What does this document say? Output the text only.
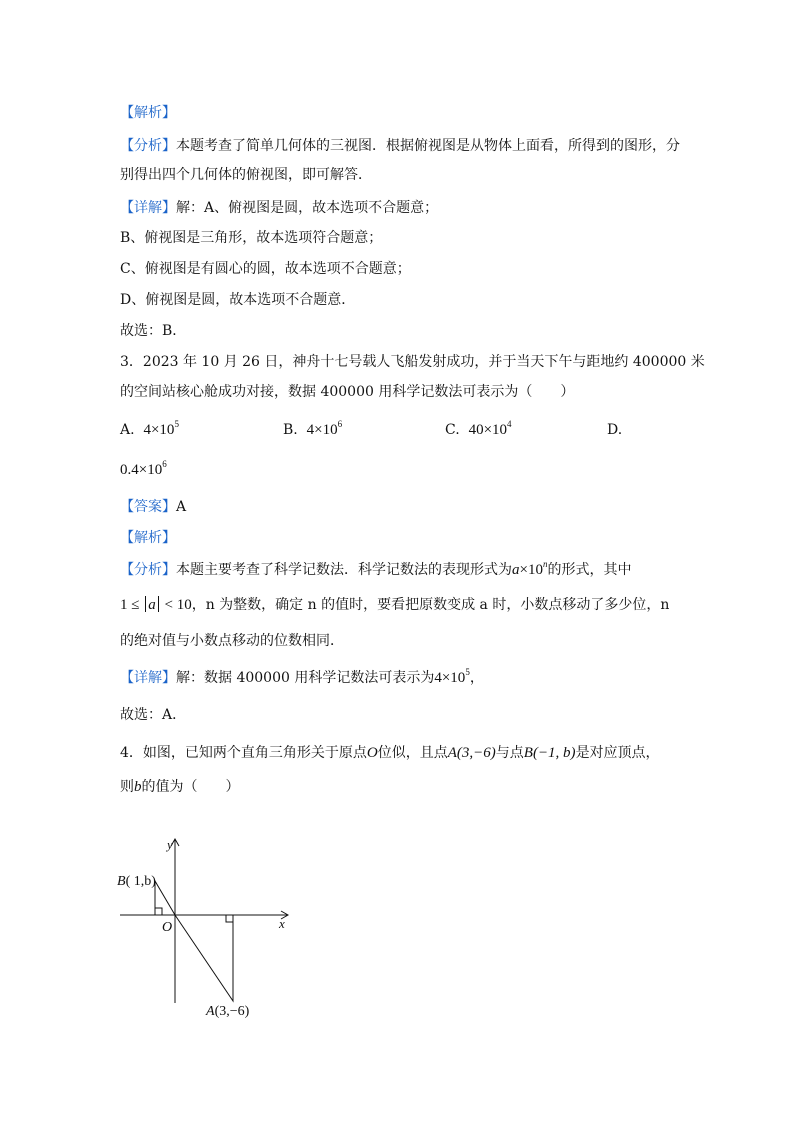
【解析】
【分析】本题考查了简单几何体的三视图．根据俯视图是从物体上面看，所得到的图形，分
别得出四个几何体的俯视图，即可解答．
【详解】解：A、俯视图是圆，故本选项不合题意；
B、俯视图是三角形，故本选项符合题意；
C、俯视图是有圆心的圆，故本选项不合题意；
D、俯视图是圆，故本选项不合题意．
故选：B．
3．2023 年 10 月 26 日，神舟十七号载人飞船发射成功，并于当天下午与距地约 400000 米
的空间站核心舱成功对接，数据 400000 用科学记数法可表示为（　　）
A. $4\times 10^5$	B. $4\times 10^6$	C. $40\times 10^4$	D.
$0.4\times 10^6$
【答案】A
【解析】
【分析】本题主要考查了科学记数法．科学记数法的表现形式为$a\times 10^n$的形式，其中
1 ≤ a < 10，n 为整数，确定 n 的值时，要看把原数变成 a 时，小数点移动了多少位，n
的绝对值与小数点移动的位数相同．
【详解】解：数据 400000 用科学记数法可表示为$4\times 10^5$，
故选：A．
4．如图，已知两个直角三角形关于原点O位似，且点A(3,−6)与点B(−1, b)是对应顶点，
则b的值为（　　）
y
x
O
B( 1,b)
A(3,−6)
